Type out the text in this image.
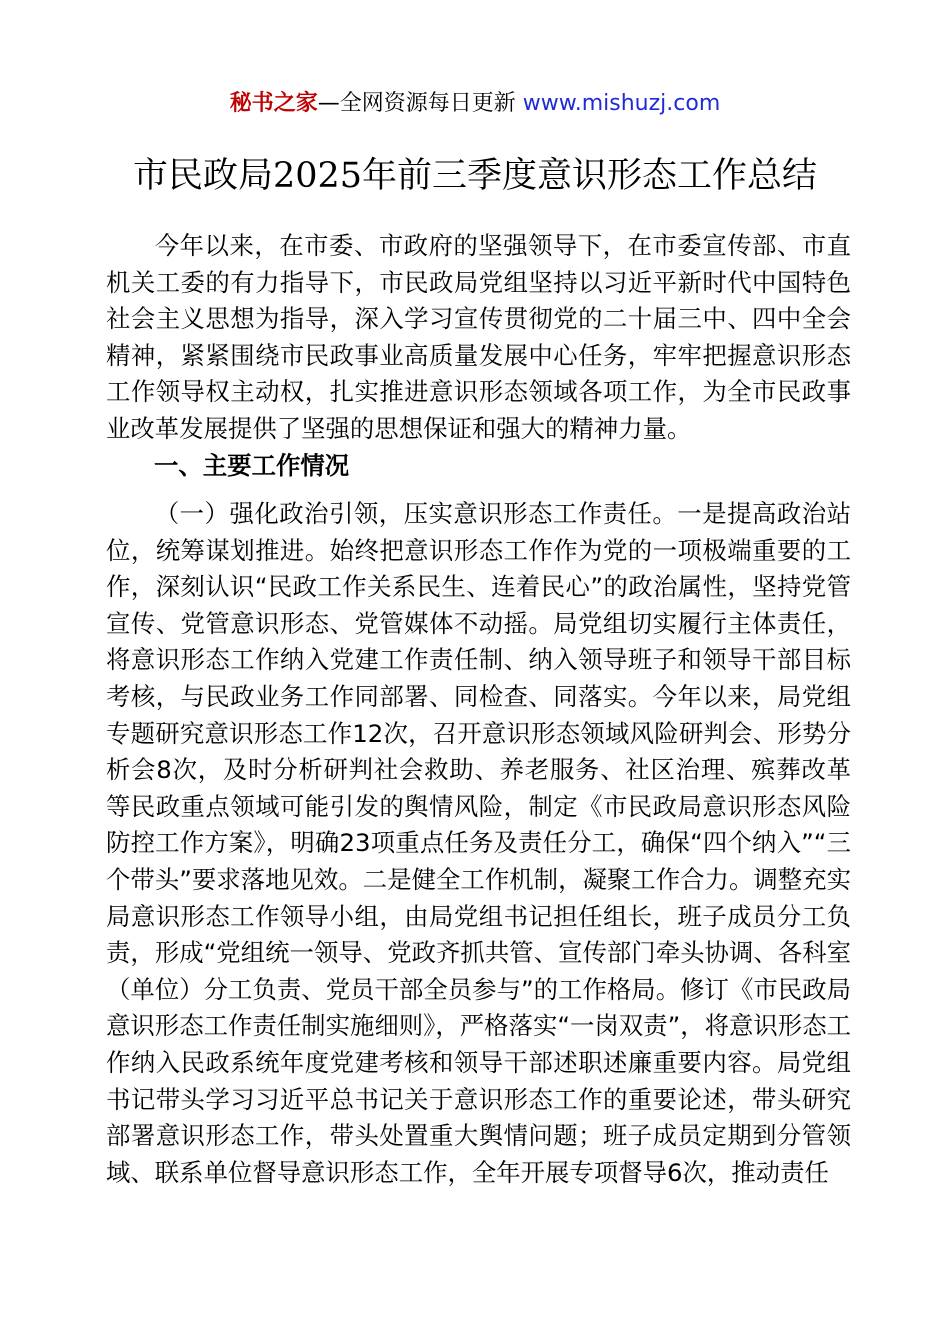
秘书之家—全网资源每日更新 www.mishuzj.com
市民政局2025年前三季度意识形态工作总结

今年以来，在市委、市政府的坚强领导下，在市委宣传部、市直机关工委的有力指导下，市民政局党组坚持以习近平新时代中国特色社会主义思想为指导，深入学习宣传贯彻党的二十届三中、四中全会精神，紧紧围绕市民政事业高质量发展中心任务，牢牢把握意识形态工作领导权主动权，扎实推进意识形态领域各项工作，为全市民政事业改革发展提供了坚强的思想保证和强大的精神力量。

一、主要工作情况

（一）强化政治引领，压实意识形态工作责任。一是提高政治站位，统筹谋划推进。始终把意识形态工作作为党的一项极端重要的工作，深刻认识“民政工作关系民生、连着民心”的政治属性，坚持党管宣传、党管意识形态、党管媒体不动摇。局党组切实履行主体责任，将意识形态工作纳入党建工作责任制、纳入领导班子和领导干部目标考核，与民政业务工作同部署、同检查、同落实。今年以来，局党组专题研究意识形态工作12次，召开意识形态领域风险研判会、形势分析会8次，及时分析研判社会救助、养老服务、社区治理、殡葬改革等民政重点领域可能引发的舆情风险，制定《市民政局意识形态风险防控工作方案》，明确23项重点任务及责任分工，确保“四个纳入”“三个带头”要求落地见效。二是健全工作机制，凝聚工作合力。调整充实局意识形态工作领导小组，由局党组书记担任组长，班子成员分工负责，形成“党组统一领导、党政齐抓共管、宣传部门牵头协调、各科室（单位）分工负责、党员干部全员参与”的工作格局。修订《市民政局意识形态工作责任制实施细则》，严格落实“一岗双责”，将意识形态工作纳入民政系统年度党建考核和领导干部述职述廉重要内容。局党组书记带头学习习近平总书记关于意识形态工作的重要论述，带头研究部署意识形态工作，带头处置重大舆情问题；班子成员定期到分管领域、联系单位督导意识形态工作，全年开展专项督导6次，推动责任
